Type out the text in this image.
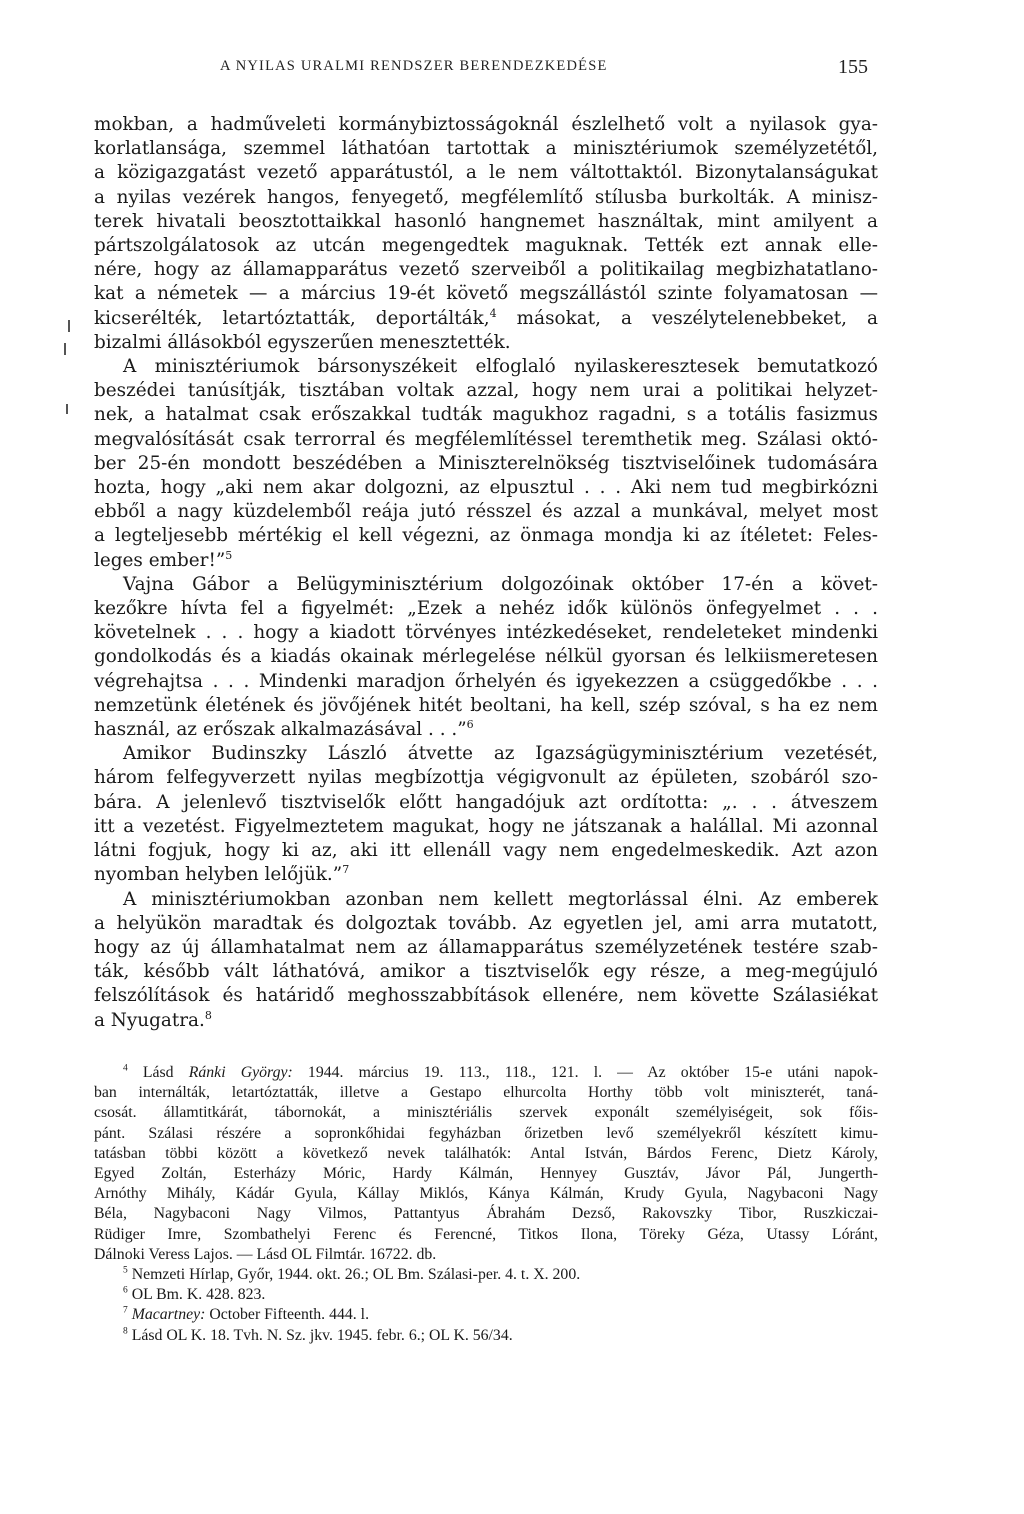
A NYILAS URALMI RENDSZER BERENDEZKEDÉSE	155

mokban, a hadműveleti kormánybiztosságoknál észlelhető volt a nyilasok gya-
korlatlansága, szemmel láthatóan tartottak a minisztériumok személyzetétől,
a közigazgatást vezető apparátustól, a le nem váltottaktól. Bizonytalanságukat
a nyilas vezérek hangos, fenyegető, megfélemlítő stílusba burkolták. A minisz-
terek hivatali beosztottaikkal hasonló hangnemet használtak, mint amilyent a
pártszolgálatosok az utcán megengedtek maguknak. Tették ezt annak elle-
nére, hogy az államapparátus vezető szerveiből a politikailag megbizhatatlano-
kat a németek — a március 19-ét követő megszállástól szinte folyamatosan —
kicserélték, letartóztatták, deportálták,$^4$ másokat, a veszélytelenebbeket, a
bizalmi állásokból egyszerűen menesztették.

A minisztériumok bársonyszékeit elfoglaló nyilaskeresztesek bemutatkozó
beszédei tanúsítják, tisztában voltak azzal, hogy nem urai a politikai helyzet-
nek, a hatalmat csak erőszakkal tudták magukhoz ragadni, s a totális fasizmus
megvalósítását csak terrorral és megfélemlítéssel teremthetik meg. Szálasi októ-
ber 25-én mondott beszédében a Miniszterelnökség tisztviselőinek tudomására
hozta, hogy „aki nem akar dolgozni, az elpusztul . . . Aki nem tud megbirkózni
ebből a nagy küzdelemből reája jutó résszel és azzal a munkával, melyet most
a legteljesebb mértékig el kell végezni, az önmaga mondja ki az ítéletet: Feles-
leges ember!”$^5$

Vajna Gábor a Belügyminisztérium dolgozóinak október 17-én a követ-
kezőkre hívta fel a figyelmét: „Ezek a nehéz idők különös önfegyelmet . . .
követelnek . . . hogy a kiadott törvényes intézkedéseket, rendeleteket mindenki
gondolkodás és a kiadás okainak mérlegelése nélkül gyorsan és lelkiismeretesen
végrehajtsa . . . Mindenki maradjon őrhelyén és igyekezzen a csüggedőkbe . . .
nemzetünk életének és jövőjének hitét beoltani, ha kell, szép szóval, s ha ez nem
használ, az erőszak alkalmazásával . . .”$^6$

Amikor Budinszky László átvette az Igazságügyminisztérium vezetését,
három felfegyverzett nyilas megbízottja végigvonult az épületen, szobáról szo-
bára. A jelenlevő tisztviselők előtt hangadójuk azt ordította: „. . . átveszem
itt a vezetést. Figyelmeztetem magukat, hogy ne játszanak a halállal. Mi azonnal
látni fogjuk, hogy ki az, aki itt ellenáll vagy nem engedelmeskedik. Azt azon
nyomban helyben lelőjük.”$^7$

A minisztériumokban azonban nem kellett megtorlással élni. Az emberek
a helyükön maradtak és dolgoztak tovább. Az egyetlen jel, ami arra mutatott,
hogy az új államhatalmat nem az államapparátus személyzetének testére szab-
ták, később vált láthatóvá, amikor a tisztviselők egy része, a meg-megújuló
felszólítások és határidő meghosszabbítások ellenére, nem követte Szálasiékat
a Nyugatra.$^8$

$^4$ Lásd Ránki György: 1944. március 19. 113., 118., 121. l. — Az október 15-e utáni napok-
ban internálták, letartóztatták, illetve a Gestapo elhurcolta Horthy több volt miniszterét, taná-
csosát. államtitkárát, tábornokát, a minisztériális szervek exponált személyiségeit, sok főis-
pánt. Szálasi részére a sopronkőhidai fegyházban őrizetben levő személyekről készített kimu-
tatásban többi között a következő nevek találhatók: Antal István, Bárdos Ferenc, Dietz Károly,
Egyed Zoltán, Esterházy Móric, Hardy Kálmán, Hennyey Gusztáv, Jávor Pál, Jungerth-
Arnóthy Mihály, Kádár Gyula, Kállay Miklós, Kánya Kálmán, Krudy Gyula, Nagybaconi Nagy
Béla, Nagybaconi Nagy Vilmos, Pattantyus Ábrahám Dezső, Rakovszky Tibor, Ruszkiczai-
Rüdiger Imre, Szombathelyi Ferenc és Ferencné, Titkos Ilona, Töreky Géza, Utassy Lóránt,
Dálnoki Veress Lajos. — Lásd OL Filmtár. 16722. db.

$^5$ Nemzeti Hírlap, Győr, 1944. okt. 26.; OL Bm. Szálasi-per. 4. t. X. 200.

$^6$ OL Bm. K. 428. 823.

$^7$ Macartney: October Fifteenth. 444. l.

$^8$ Lásd OL K. 18. Tvh. N. Sz. jkv. 1945. febr. 6.; OL K. 56/34.
